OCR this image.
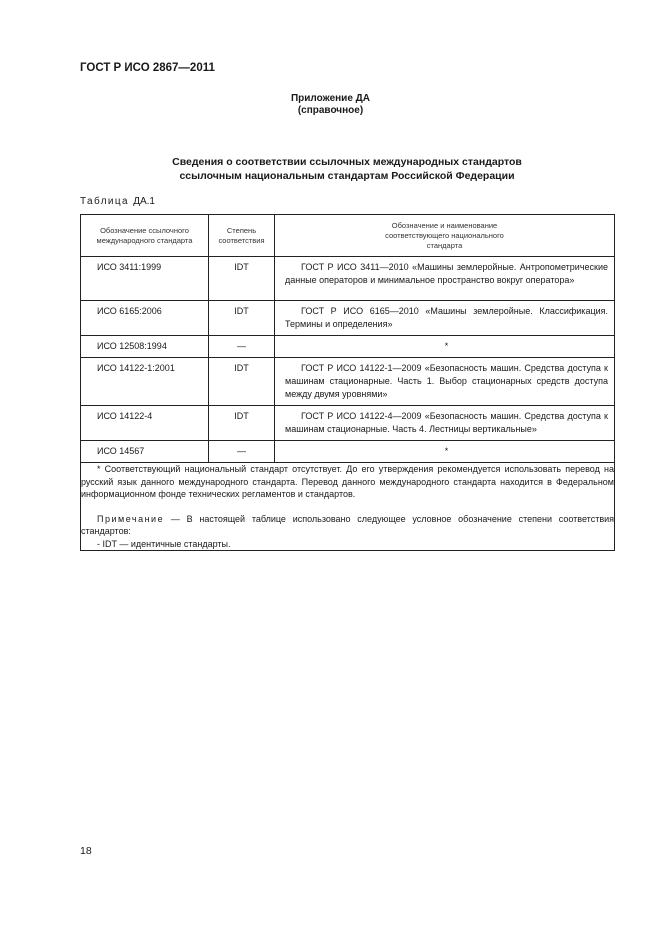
ГОСТ Р ИСО 2867—2011
Приложение ДА
(справочное)
Сведения о соответствии ссылочных международных стандартов
ссылочным национальным стандартам Российской Федерации
Таблица ДА.1
Обозначение ссылочного международного стандарта	Степень соответствия	Обозначение и наименование соответствующего национального стандарта
ИСО 3411:1999	IDT	ГОСТ Р ИСО 3411—2010 «Машины землеройные. Антропометрические данные операторов и минимальное пространство вокруг оператора»
ИСО 6165:2006	IDT	ГОСТ Р ИСО 6165—2010 «Машины землеройные. Классификация. Термины и определения»
ИСО 12508:1994	—	*
ИСО 14122-1:2001	IDT	ГОСТ Р ИСО 14122-1—2009 «Безопасность машин. Средства доступа к машинам стационарные. Часть 1. Выбор стационарных средств доступа между двумя уровнями»
ИСО 14122-4	IDT	ГОСТ Р ИСО 14122-4—2009 «Безопасность машин. Средства доступа к машинам стационарные. Часть 4. Лестницы вертикальные»
ИСО 14567	—	*

* Соответствующий национальный стандарт отсутствует. До его утверждения рекомендуется использовать перевод на русский язык данного международного стандарта. Перевод данного международного стандарта находится в Федеральном информационном фонде технических регламентов и стандартов.

Примечание — В настоящей таблице использовано следующее условное обозначение степени соответствия стандартов:

- IDT — идентичные стандарты.		

18
